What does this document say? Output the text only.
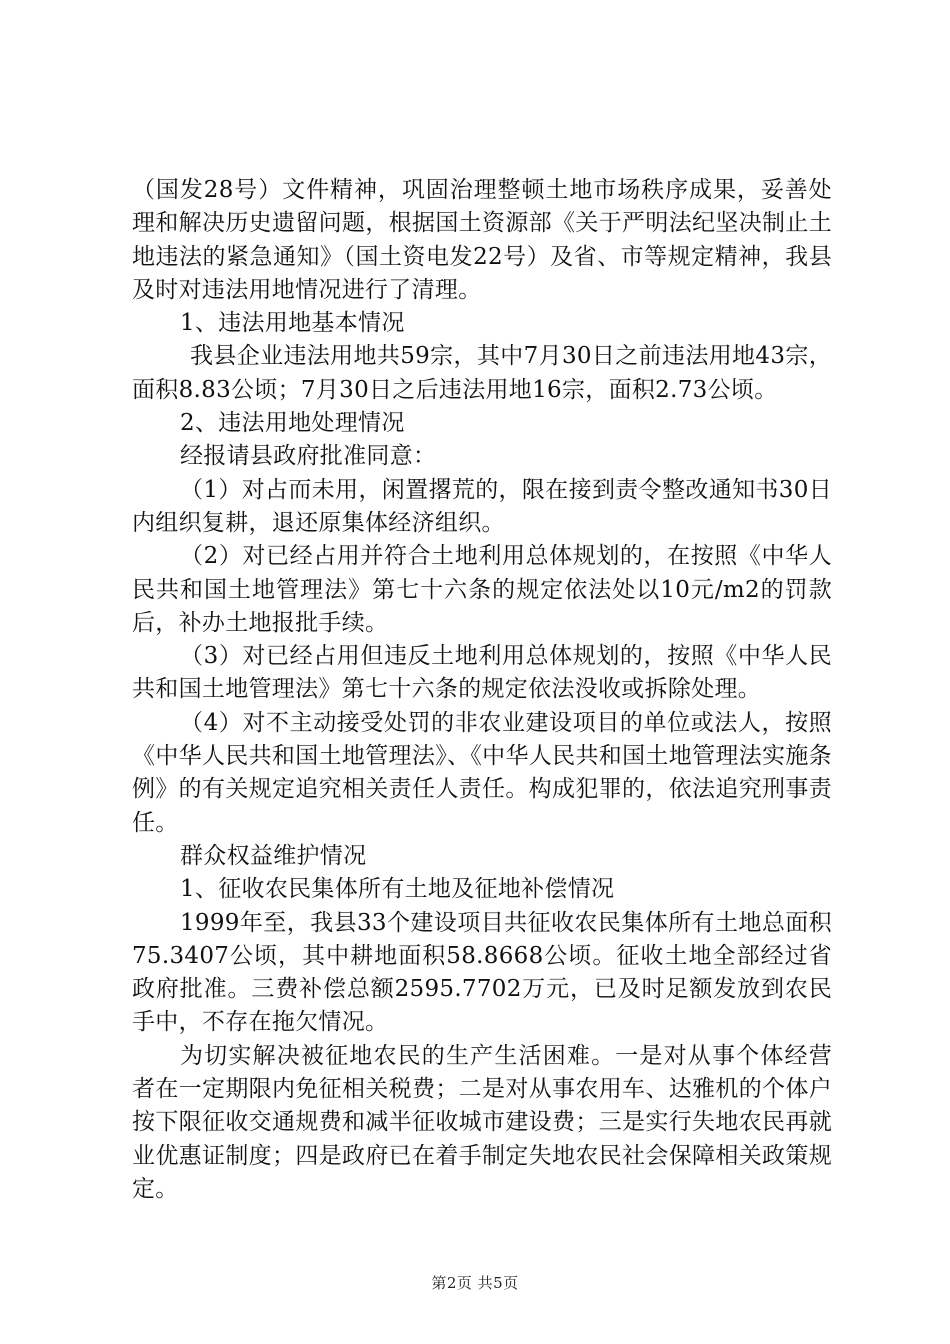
（国发28号）文件精神，巩固治理整顿土地市场秩序成果，妥善处理和解决历史遗留问题，根据国土资源部《关于严明法纪坚决制止土地违法的紧急通知》（国土资电发22号）及省、市等规定精神，我县及时对违法用地情况进行了清理。

1、违法用地基本情况

我县企业违法用地共59宗，其中7月30日之前违法用地43宗，面积8.83公顷；7月30日之后违法用地16宗，面积2.73公顷。

2、违法用地处理情况

经报请县政府批准同意：

（1）对占而未用，闲置撂荒的，限在接到责令整改通知书30日内组织复耕，退还原集体经济组织。

（2）对已经占用并符合土地利用总体规划的，在按照《中华人民共和国土地管理法》第七十六条的规定依法处以10元/m2的罚款后，补办土地报批手续。

（3）对已经占用但违反土地利用总体规划的，按照《中华人民共和国土地管理法》第七十六条的规定依法没收或拆除处理。

（4）对不主动接受处罚的非农业建设项目的单位或法人，按照《中华人民共和国土地管理法》、《中华人民共和国土地管理法实施条例》的有关规定追究相关责任人责任。构成犯罪的，依法追究刑事责任。

群众权益维护情况

1、征收农民集体所有土地及征地补偿情况

1999年至，我县33个建设项目共征收农民集体所有土地总面积75.3407公顷，其中耕地面积58.8668公顷。征收土地全部经过省政府批准。三费补偿总额2595.7702万元，已及时足额发放到农民手中，不存在拖欠情况。

为切实解决被征地农民的生产生活困难。一是对从事个体经营者在一定期限内免征相关税费；二是对从事农用车、达雅机的个体户按下限征收交通规费和减半征收城市建设费；三是实行失地农民再就业优惠证制度；四是政府已在着手制定失地农民社会保障相关政策规定。

第2页 共5页
